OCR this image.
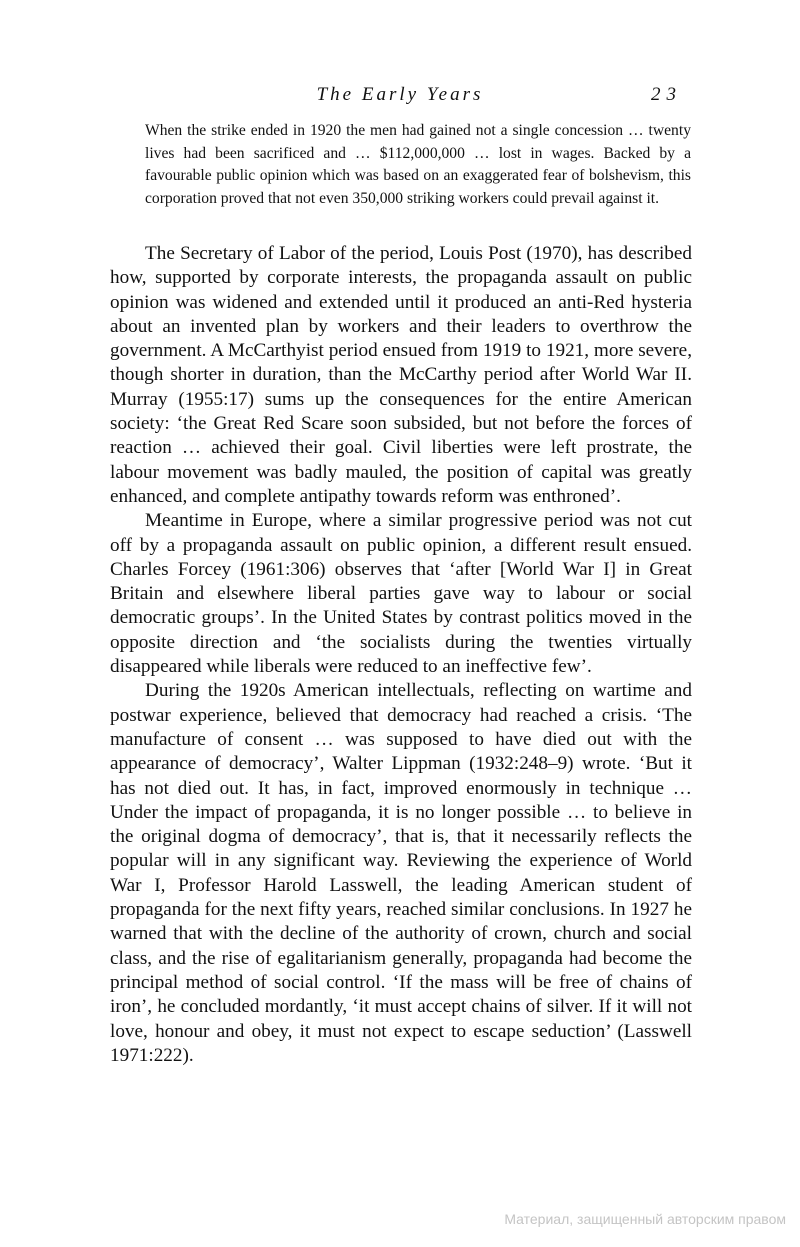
The Early Years	23
When the strike ended in 1920 the men had gained not a single concession … twenty lives had been sacrificed and … $112,000,000 … lost in wages. Backed by a favourable public opinion which was based on an exaggerated fear of bolshevism, this corporation proved that not even 350,000 striking workers could prevail against it.

The Secretary of Labor of the period, Louis Post (1970), has described how, supported by corporate interests, the propaganda assault on public opinion was widened and extended until it produced an anti-Red hysteria about an invented plan by workers and their leaders to overthrow the government. A McCarthyist period ensued from 1919 to 1921, more severe, though shorter in duration, than the McCarthy period after World War II. Murray (1955:17) sums up the consequences for the entire American society: ‘the Great Red Scare soon subsided, but not before the forces of reaction … achieved their goal. Civil liberties were left prostrate, the labour movement was badly mauled, the position of capital was greatly enhanced, and complete antipathy towards reform was enthroned’.

Meantime in Europe, where a similar progressive period was not cut off by a propaganda assault on public opinion, a different result ensued. Charles Forcey (1961:306) observes that ‘after [World War I] in Great Britain and elsewhere liberal parties gave way to labour or social democratic groups’. In the United States by contrast politics moved in the opposite direction and ‘the socialists during the twenties virtually disappeared while liberals were reduced to an ineffective few’.

During the 1920s American intellectuals, reflecting on wartime and postwar experience, believed that democracy had reached a crisis. ‘The manufacture of consent … was supposed to have died out with the appearance of democracy’, Walter Lippman (1932:248–9) wrote. ‘But it has not died out. It has, in fact, improved enormously in technique … Under the impact of propaganda, it is no longer possible … to believe in the original dogma of democracy’, that is, that it necessarily reflects the popular will in any significant way. Reviewing the experience of World War I, Professor Harold Lasswell, the leading American student of propaganda for the next fifty years, reached similar conclusions. In 1927 he warned that with the decline of the authority of crown, church and social class, and the rise of egalitarianism generally, propaganda had become the principal method of social control. ‘If the mass will be free of chains of iron’, he concluded mordantly, ‘it must accept chains of silver. If it will not love, honour and obey, it must not expect to escape seduction’ (Lasswell 1971:222).

Материал, защищенный авторским правом
